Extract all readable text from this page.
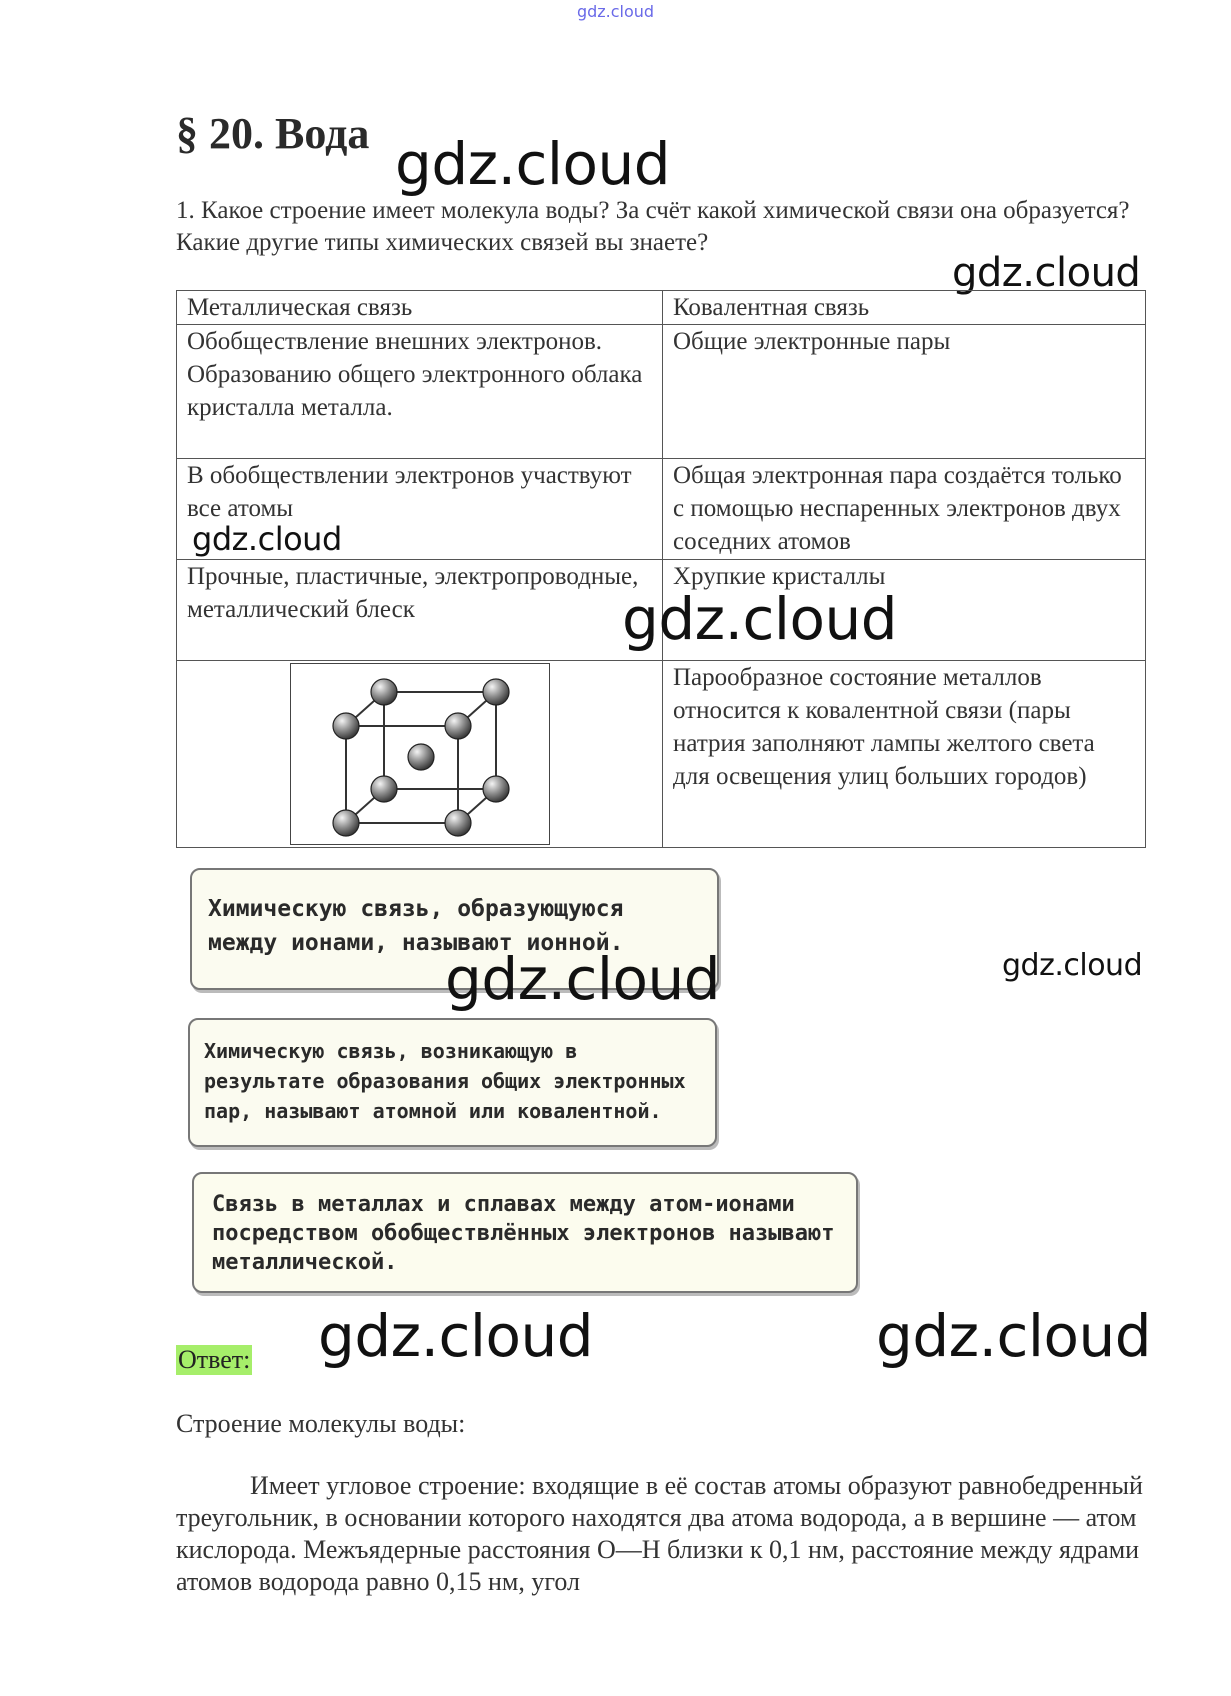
gdz.cloud
§ 20. Вода gdz.cloud
1. Какое строение имеет молекула воды? За счёт какой химической связи она образуется? Какие другие типы химических связей вы знаете?
gdz.cloud
Металлическая связь	Ковалентная связь
Обобществление внешних электронов. Образованию общего электронного облака кристалла металла.	Общие электронные пары
В обобществлении электронов участвуют все атомы	Общая электронная пара создаётся только с помощью неспаренных электронов двух соседних атомов
Прочные, пластичные, электропроводные, металлический блеск	Хрупкие кристаллы

	Парообразное состояние металлов относится к ковалентной связи (пары натрия заполняют лампы желтого света для освещения улиц больших городов)
gdz.cloud
gdz.cloud
Химическую связь, образующуюся между ионами, называют ионной.
gdz.cloud	gdz.cloud
Химическую связь, возникающую в результате образования общих электронных пар, называют атомной или ковалентной.
Связь в металлах и сплавах между атом-ионами посредством обобществлённых электронов называют металлической.
gdz.cloud	gdz.cloud
Ответ:
Строение молекулы воды:
Имеет угловое строение: входящие в её состав атомы образуют равнобедренный треугольник, в основании которого находятся два атома водорода, а в вершине — атом кислорода. Межъядерные расстояния О—Н близки к 0,1 нм, расстояние между ядрами атомов водорода равно 0,15 нм, угол
